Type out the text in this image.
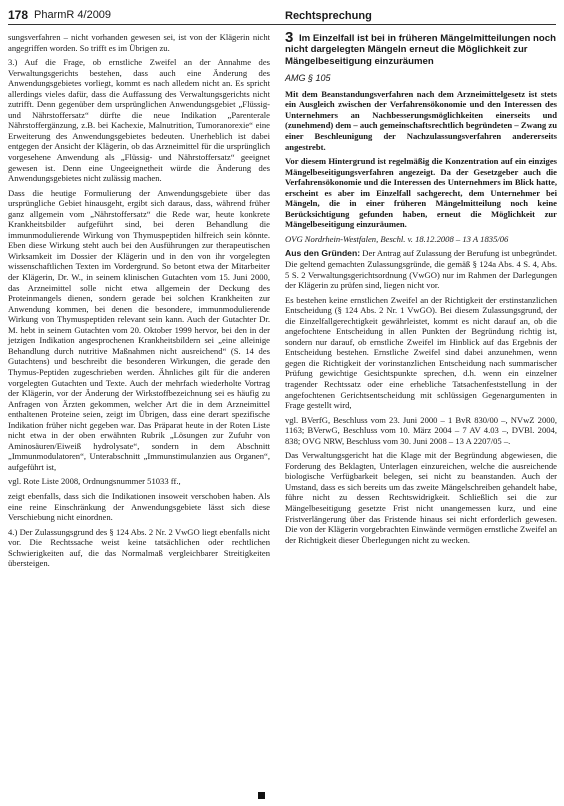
178 PharmR 4/2009	Rechtsprechung

sungsverfahren – nicht vorhanden gewesen sei, ist von der Klägerin nicht angegriffen worden. So trifft es im Übrigen zu.

3.) Auf die Frage, ob ernstliche Zweifel an der Annahme des Verwaltungsgerichts bestehen, dass auch eine Änderung des Anwendungsgebietes vorliegt, kommt es nach alledem nicht an. Es spricht allerdings vieles dafür, dass die Auffassung des Verwaltungsgerichts nicht zutrifft. Denn gegenüber dem ursprünglichen Anwendungsgebiet „Flüssig- und Nährstoffersatz“ dürfte die neue Indikation „Parenterale Nährstoffergänzung, z.B. bei Kachexie, Malnutrition, Tumoranorexie“ eine Erweiterung des Anwendungsgebietes bedeuten. Unerheblich ist dabei entgegen der Ansicht der Klägerin, ob das Arzneimittel für die ursprünglich vorgesehene Anwendung als „Flüssig- und Nährstoffersatz“ geeignet gewesen ist. Denn eine Ungeeignetheit würde die Änderung des Anwendungsgebietes nicht zulässig machen.

Dass die heutige Formulierung der Anwendungsgebiete über das ursprüngliche Gebiet hinausgeht, ergibt sich daraus, dass, während früher ganz allgemein vom „Nährstoffersatz“ die Rede war, heute konkrete Krankheitsbilder aufgeführt sind, bei deren Behandlung die immunmodulierende Wirkung von Thymuspeptiden hilfreich sein könnte. Eben diese Wirkung steht auch bei den Ausführungen zur therapeutischen Wirksamkeit im Dossier der Klägerin und in den von ihr vorgelegten wissenschaftlichen Texten im Vordergrund. So betont etwa der Mitarbeiter der Klägerin, Dr. W., in seinem klinischen Gutachten vom 15. Juni 2000, das Arzneimittel solle nicht etwa allgemein der Deckung des Proteinmangels dienen, sondern gerade bei solchen Krankheiten zur Anwendung kommen, bei denen die besondere, immunmodulierende Wirkung von Thymuspeptiden relevant sein kann. Auch der Gutachter Dr. M. hebt in seinem Gutachten vom 20. Oktober 1999 hervor, bei den in der jetzigen Indikation angesprochenen Krankheitsbildern sei „eine alleinige Behandlung durch nutritive Maßnahmen nicht ausreichend“ (S. 14 des Gutachtens) und beschreibt die besonderen Wirkungen, die gerade den Thymus-Peptiden zugeschrieben werden. Ähnliches gilt für die anderen vorgelegten Gutachten und Texte. Auch der mehrfach wiederholte Vortrag der Klägerin, vor der Änderung der Wirkstoffbezeichnung sei es häufig zu Anfragen von Ärzten gekommen, welcher Art die in dem Arzneimittel enthaltenen Proteine seien, zeigt im Übrigen, dass eine derart spezifische Indikation früher nicht gegeben war. Das Präparat heute in der Roten Liste nicht etwa in der oben erwähnten Rubrik „Lösungen zur Zufuhr von Aminosäuren/Eiweiß hydrolysate“, sondern in dem Abschnitt „Immunmodulatoren“, Unterabschnitt „Immunstimulanzien aus Organen“, aufgeführt ist,

vgl. Rote Liste 2008, Ordnungsnummer 51033 ff.,

zeigt ebenfalls, dass sich die Indikationen insoweit verschoben haben. Als eine reine Einschränkung der Anwendungsgebiete lässt sich diese Verschiebung nicht einordnen.

4.) Der Zulassungsgrund des § 124 Abs. 2 Nr. 2 VwGO liegt ebenfalls nicht vor. Die Rechtssache weist keine tatsächlichen oder rechtlichen Schwierigkeiten auf, die das Normalmaß vergleichbarer Streitigkeiten übersteigen.

3 Im Einzelfall ist bei in früheren Mängelmitteilungen noch nicht dargelegten Mängeln erneut die Möglichkeit zur Mängelbeseitigung einzuräumen
AMG § 105

Mit dem Beanstandungsverfahren nach dem Arzneimittelgesetz ist stets ein Ausgleich zwischen der Verfahrensökonomie und den Interessen des Unternehmers an Nachbesserungsmöglichkeiten einerseits und (zunehmend) dem – auch gemeinschaftsrechtlich begründeten – Zwang zu einer Beschleunigung der Nachzulassungsverfahren andererseits angestrebt.

Vor diesem Hintergrund ist regelmäßig die Konzentration auf ein einziges Mängelbeseitigungsverfahren angezeigt. Da der Gesetzgeber auch die Verfahrensökonomie und die Interessen des Unternehmers im Blick hatte, erscheint es aber im Einzelfall sachgerecht, dem Unternehmer bei Mängeln, die in einer früheren Mängelmitteilung noch keine Berücksichtigung gefunden haben, erneut die Möglichkeit zur Mängelbeseitigung einzuräumen.

OVG Nordrhein-Westfalen, Beschl. v. 18.12.2008 – 13 A 1835/06

Aus den Gründen: Der Antrag auf Zulassung der Berufung ist unbegründet. Die geltend gemachten Zulassungsgründe, die gemäß § 124a Abs. 4 S. 4, Abs. 5 S. 2 Verwaltungsgerichtsordnung (VwGO) nur im Rahmen der Darlegungen der Klägerin zu prüfen sind, liegen nicht vor.

Es bestehen keine ernstlichen Zweifel an der Richtigkeit der erstinstanzlichen Entscheidung (§ 124 Abs. 2 Nr. 1 VwGO). Bei diesem Zulassungsgrund, der die Einzelfallgerechtigkeit gewährleistet, kommt es nicht darauf an, ob die angefochtene Entscheidung in allen Punkten der Begründung richtig ist, sondern nur darauf, ob ernstliche Zweifel im Hinblick auf das Ergebnis der Entscheidung bestehen. Ernstliche Zweifel sind dabei anzunehmen, wenn gegen die Richtigkeit der vorinstanzlichen Entscheidung nach summarischer Prüfung gewichtige Gesichtspunkte sprechen, d.h. wenn ein einzelner tragender Rechtssatz oder eine erhebliche Tatsachenfeststellung in der angefochtenen Gerichtsentscheidung mit schlüssigen Gegenargumenten in Frage gestellt wird,

vgl. BVerfG, Beschluss vom 23. Juni 2000 – 1 BvR 830/00 –, NVwZ 2000, 1163; BVerwG, Beschluss vom 10. März 2004 – 7 AV 4.03 –, DVBl. 2004, 838; OVG NRW, Beschluss vom 30. Juni 2008 – 13 A 2207/05 –.

Das Verwaltungsgericht hat die Klage mit der Begründung abgewiesen, die Forderung des Beklagten, Unterlagen einzureichen, welche die ausreichende biologische Verfügbarkeit belegen, sei nicht zu beanstanden. Auch der Umstand, dass es sich bereits um das zweite Mängelschreiben gehandelt habe, führe nicht zu dessen Rechtswidrigkeit. Schließlich sei die zur Mängelbeseitigung gesetzte Frist nicht unangemessen kurz, und eine Fristverlängerung über das Fristende hinaus sei nicht erforderlich gewesen. Die von der Klägerin vorgebrachten Einwände vermögen ernstliche Zweifel an der Richtigkeit dieser Überlegungen nicht zu wecken.
